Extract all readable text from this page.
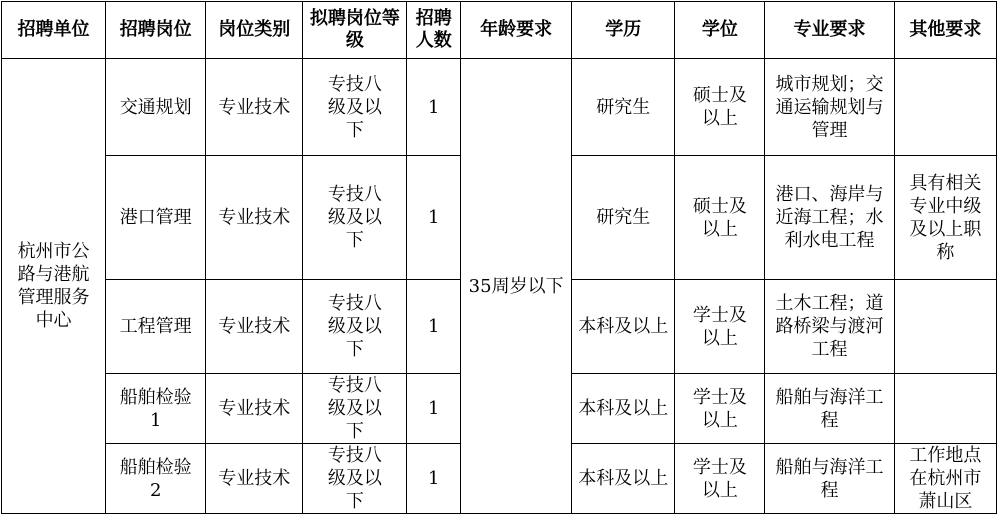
招聘单位	招聘岗位	岗位类别	拟聘岗位等级	招聘人数	年龄要求	学历	学位	专业要求	其他要求
杭州市公路与港航管理服务中心	交通规划	专业技术	专技八级及以下	1	35周岁以下	研究生	硕士及以上	城市规划；交通运输规划与管理	
	港口管理	专业技术	专技八级及以下	1		研究生	硕士及以上	港口、海岸与近海工程；水利水电工程	具有相关专业中级及以上职称
	工程管理	专业技术	专技八级及以下	1		本科及以上	学士及以上	土木工程；道路桥梁与渡河工程	
	船舶检验1	专业技术	专技八级及以下	1		本科及以上	学士及以上	船舶与海洋工程	
	船舶检验2	专业技术	专技八级及以下	1		本科及以上	学士及以上	船舶与海洋工程	工作地点在杭州市萧山区
